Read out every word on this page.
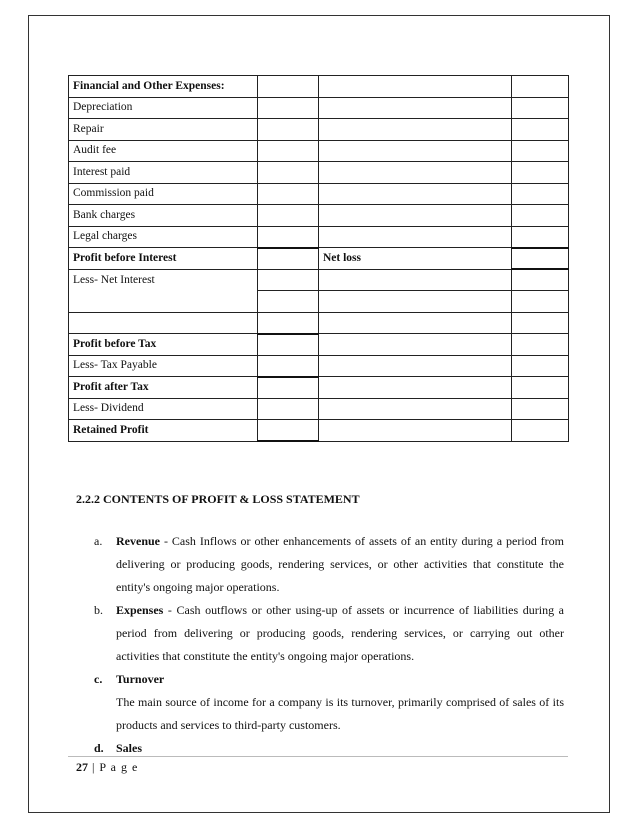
Financial and Other Expenses:			
Depreciation			
Repair			
Audit fee			
Interest paid			
Commission paid			
Bank charges			
Legal charges			
Profit before Interest		Net loss	
Less- Net Interest			

Profit before Tax			
Less- Tax Payable			
Profit after Tax			
Less- Dividend			
Retained Profit			
2.2.2 CONTENTS OF PROFIT & LOSS STATEMENT
a. Revenue - Cash Inflows or other enhancements of assets of an entity during a period from delivering or producing goods, rendering services, or other activities that constitute the entity's ongoing major operations.
b. Expenses - Cash outflows or other using-up of assets or incurrence of liabilities during a period from delivering or producing goods, rendering services, or carrying out other activities that constitute the entity's ongoing major operations.
c. Turnover
The main source of income for a company is its turnover, primarily comprised of sales of its products and services to third-party customers.
d. Sales
27 | P a g e
